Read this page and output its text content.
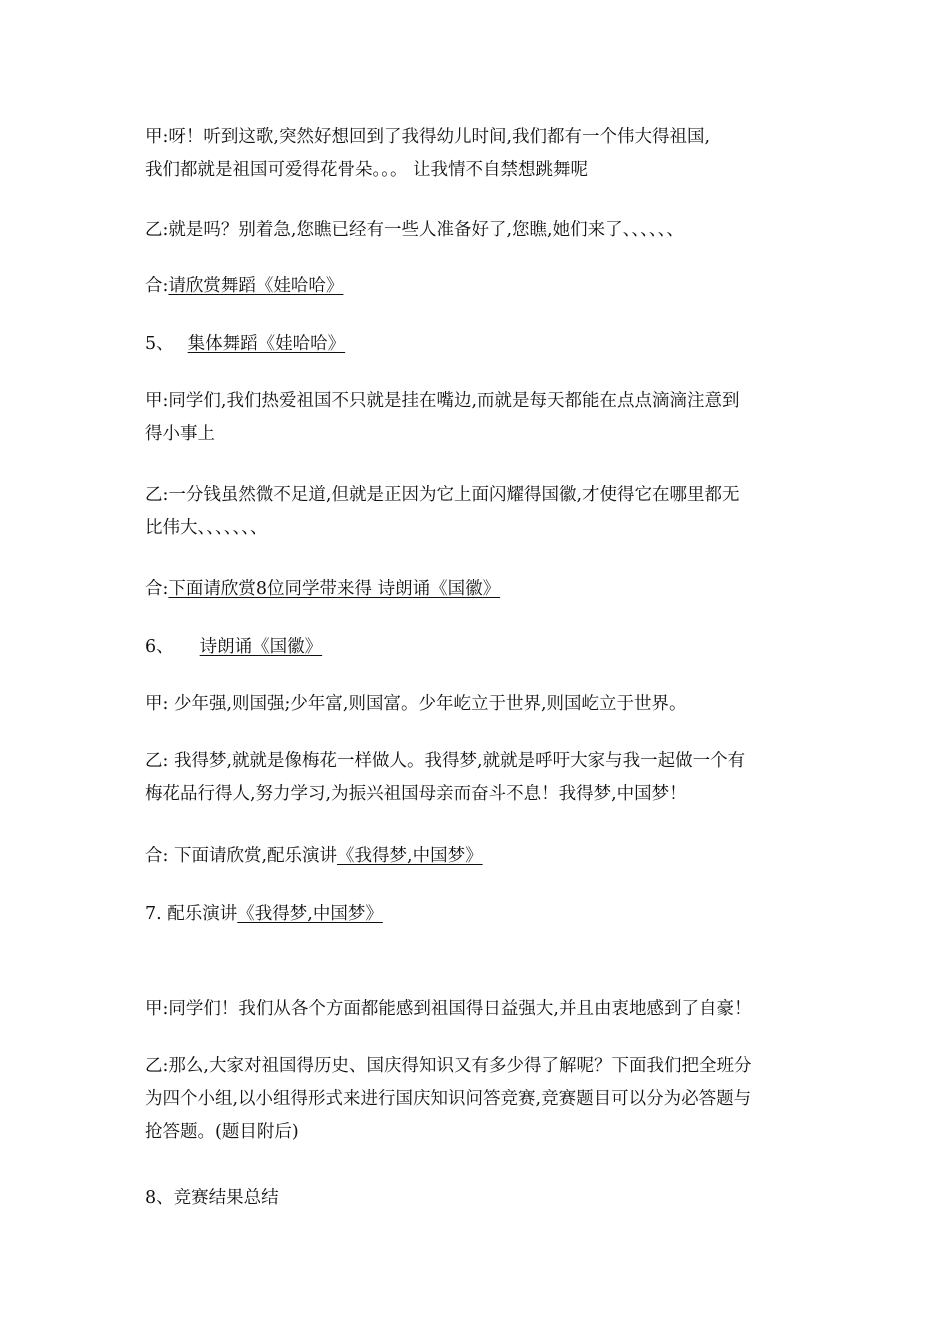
甲:呀！听到这歌,突然好想回到了我得幼儿时间,我们都有一个伟大得祖国,
我们都就是祖国可爱得花骨朵。。。 让我情不自禁想跳舞呢
乙:就是吗？别着急,您瞧已经有一些人准备好了,您瞧,她们来了、、、、、、
合:请欣赏舞蹈《娃哈哈》
5、 集体舞蹈《娃哈哈》
甲:同学们,我们热爱祖国不只就是挂在嘴边,而就是每天都能在点点滴滴注意到
得小事上
乙:一分钱虽然微不足道,但就是正因为它上面闪耀得国徽,才使得它在哪里都无
比伟大、、、、、、、
合:下面请欣赏8位同学带来得 诗朗诵《国徽》
6、 诗朗诵《国徽》
甲: 少年强,则国强;少年富,则国富。少年屹立于世界,则国屹立于世界。
乙: 我得梦,就就是像梅花一样做人。我得梦,就就是呼吁大家与我一起做一个有
梅花品行得人,努力学习,为振兴祖国母亲而奋斗不息！我得梦,中国梦！
合: 下面请欣赏,配乐演讲《我得梦,中国梦》
7. 配乐演讲《我得梦,中国梦》
甲:同学们！我们从各个方面都能感到祖国得日益强大,并且由衷地感到了自豪！
乙:那么,大家对祖国得历史、国庆得知识又有多少得了解呢？下面我们把全班分
为四个小组,以小组得形式来进行国庆知识问答竞赛,竞赛题目可以分为必答题与
抢答题。(题目附后)
8、竞赛结果总结
